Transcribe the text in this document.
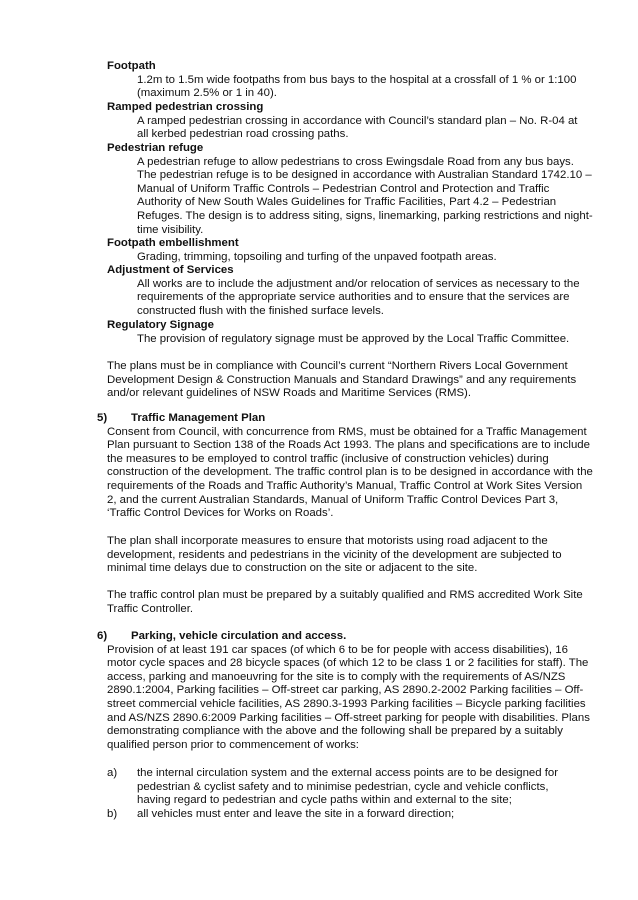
Footpath

1.2m to 1.5m wide footpaths from bus bays to the hospital at a crossfall of 1 % or 1:100 (maximum 2.5% or 1 in 40).

Ramped pedestrian crossing

A ramped pedestrian crossing in accordance with Council’s standard plan – No. R-04 at all kerbed pedestrian road crossing paths.

Pedestrian refuge

A pedestrian refuge to allow pedestrians to cross Ewingsdale Road from any bus bays. The pedestrian refuge is to be designed in accordance with Australian Standard 1742.10 – Manual of Uniform Traffic Controls – Pedestrian Control and Protection and Traffic Authority of New South Wales Guidelines for Traffic Facilities, Part 4.2 – Pedestrian Refuges. The design is to address siting, signs, linemarking, parking restrictions and night-time visibility.

Footpath embellishment

Grading, trimming, topsoiling and turfing of the unpaved footpath areas.

Adjustment of Services

All works are to include the adjustment and/or relocation of services as necessary to the requirements of the appropriate service authorities and to ensure that the services are constructed flush with the finished surface levels.

Regulatory Signage

The provision of regulatory signage must be approved by the Local Traffic Committee.

The plans must be in compliance with Council’s current “Northern Rivers Local Government Development Design & Construction Manuals and Standard Drawings” and any requirements and/or relevant guidelines of NSW Roads and Maritime Services (RMS).

5)	Traffic Management Plan

Consent from Council, with concurrence from RMS, must be obtained for a Traffic Management Plan pursuant to Section 138 of the Roads Act 1993. The plans and specifications are to include the measures to be employed to control traffic (inclusive of construction vehicles) during construction of the development. The traffic control plan is to be designed in accordance with the requirements of the Roads and Traffic Authority’s Manual, Traffic Control at Work Sites Version 2, and the current Australian Standards, Manual of Uniform Traffic Control Devices Part 3, ‘Traffic Control Devices for Works on Roads’.

The plan shall incorporate measures to ensure that motorists using road adjacent to the development, residents and pedestrians in the vicinity of the development are subjected to minimal time delays due to construction on the site or adjacent to the site.

The traffic control plan must be prepared by a suitably qualified and RMS accredited Work Site Traffic Controller.

6)	Parking, vehicle circulation and access.

Provision of at least 191 car spaces (of which 6 to be for people with access disabilities), 16 motor cycle spaces and 28 bicycle spaces (of which 12 to be class 1 or 2 facilities for staff). The access, parking and manoeuvring for the site is to comply with the requirements of AS/NZS 2890.1:2004, Parking facilities – Off-street car parking, AS 2890.2-2002 Parking facilities – Off-street commercial vehicle facilities, AS 2890.3-1993 Parking facilities – Bicycle parking facilities and AS/NZS 2890.6:2009 Parking facilities – Off-street parking for people with disabilities. Plans demonstrating compliance with the above and the following shall be prepared by a suitably qualified person prior to commencement of works:

a)	the internal circulation system and the external access points are to be designed for pedestrian & cyclist safety and to minimise pedestrian, cycle and vehicle conflicts, having regard to pedestrian and cycle paths within and external to the site;
b)	all vehicles must enter and leave the site in a forward direction;
